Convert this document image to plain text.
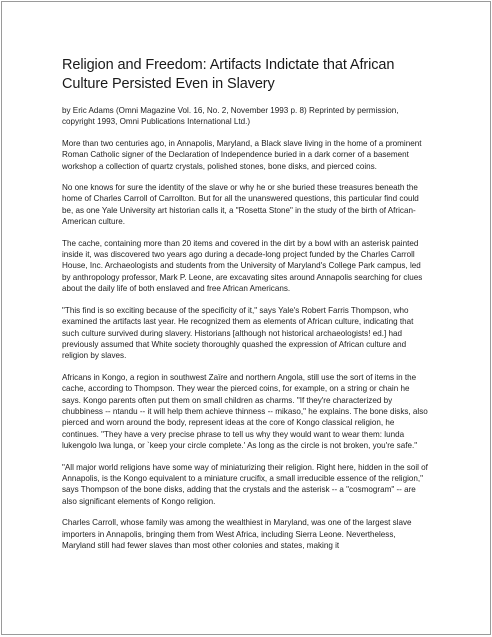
Religion and Freedom: Artifacts Indictate that African Culture Persisted Even in Slavery

by Eric Adams (Omni Magazine Vol. 16, No. 2, November 1993 p. 8) Reprinted by permission, copyright 1993, Omni Publications International Ltd.)

More than two centuries ago, in Annapolis, Maryland, a Black slave living in the home of a prominent Roman Catholic signer of the Declaration of Independence buried in a dark corner of a basement workshop a collection of quartz crystals, polished stones, bone disks, and pierced coins.

No one knows for sure the identity of the slave or why he or she buried these treasures beneath the home of Charles Carroll of Carrollton. But for all the unanswered questions, this particular find could be, as one Yale University art historian calls it, a "Rosetta Stone" in the study of the birth of African-American culture.

The cache, containing more than 20 items and covered in the dirt by a bowl with an asterisk painted inside it, was discovered two years ago during a decade-long project funded by the Charles Carroll House, Inc. Archaeologists and students from the University of Maryland's College Park campus, led by anthropology professor, Mark P. Leone, are excavating sites around Annapolis searching for clues about the daily life of both enslaved and free African Americans.

"This find is so exciting because of the specificity of it," says Yale's Robert Farris Thompson, who examined the artifacts last year. He recognized them as elements of African culture, indicating that such culture survived during slavery. Historians [although not historical archaeologists! ed.] had previously assumed that White society thoroughly quashed the expression of African culture and religion by slaves.

Africans in Kongo, a region in southwest Zaïre and northern Angola, still use the sort of items in the cache, according to Thompson. They wear the pierced coins, for example, on a string or chain he says. Kongo parents often put them on small children as charms. "If they're characterized by chubbiness -- ntandu -- it will help them achieve thinness -- mikaso," he explains. The bone disks, also pierced and worn around the body, represent ideas at the core of Kongo classical religion, he continues. "They have a very precise phrase to tell us why they would want to wear them: lunda lukengolo lwa lunga, or `keep your circle complete.' As long as the circle is not broken, you're safe."

"All major world religions have some way of miniaturizing their religion. Right here, hidden in the soil of Annapolis, is the Kongo equivalent to a miniature crucifix, a small irreducible essence of the religion," says Thompson of the bone disks, adding that the crystals and the asterisk -- a "cosmogram" -- are also significant elements of Kongo religion.

Charles Carroll, whose family was among the wealthiest in Maryland, was one of the largest slave importers in Annapolis, bringing them from West Africa, including Sierra Leone. Nevertheless, Maryland still had fewer slaves than most other colonies and states, making it
